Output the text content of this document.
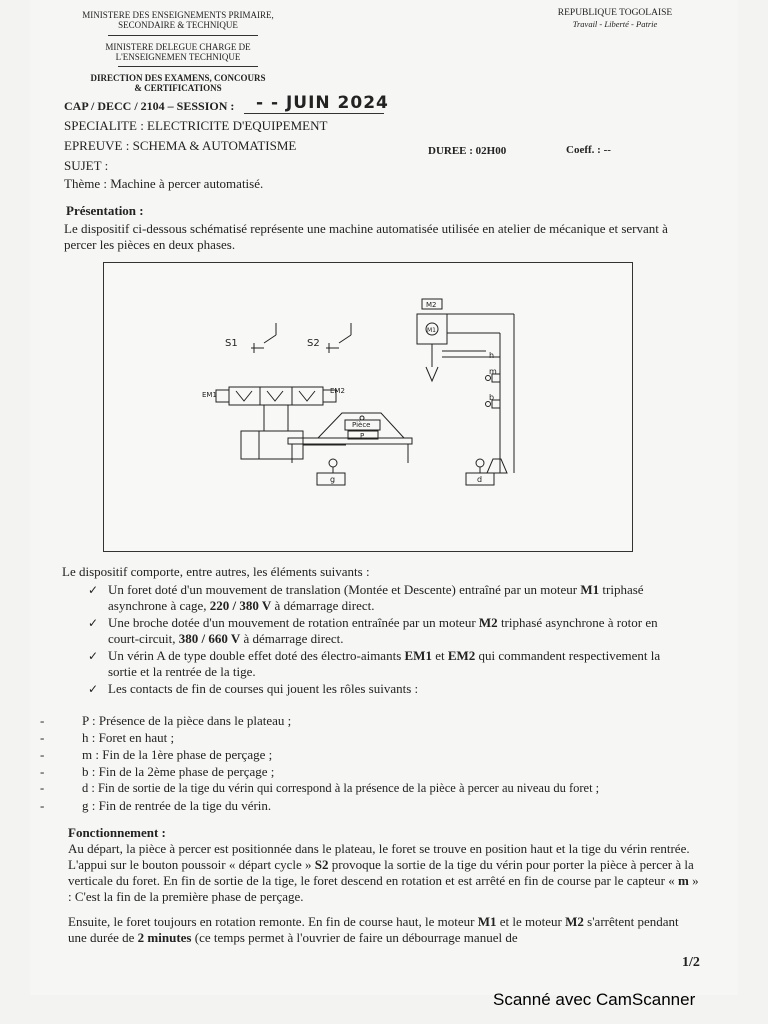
MINISTERE DES ENSEIGNEMENTS PRIMAIRE,
SECONDAIRE & TECHNIQUE
MINISTERE DELEGUE CHARGE DE
L'ENSEIGNEMEN TECHNIQUE
DIRECTION DES EXAMENS, CONCOURS
& CERTIFICATIONS
REPUBLIQUE TOGOLAISE
Travail - Liberté - Patrie
CAP / DECC / 2104 – SESSION : - - JUIN 2024
SPECIALITE : ELECTRICITE D'EQUIPEMENT
EPREUVE : SCHEMA & AUTOMATISME	DUREE : 02H00	Coeff. : --
SUJET :
Thème : Machine à percer automatisé.
Présentation :
Le dispositif ci-dessous schématisé représente une machine automatisée utilisée en atelier de mécanique et servant à percer les pièces en deux phases.
S1	S2
EM1	EM2
Pièce
P
M2
M1
h
m
b
g	d
Le dispositif comporte, entre autres, les éléments suivants :
✓ Un foret doté d'un mouvement de translation (Montée et Descente) entraîné par un moteur M1 triphasé asynchrone à cage, 220 / 380 V à démarrage direct.
✓ Une broche dotée d'un mouvement de rotation entraînée par un moteur M2 triphasé asynchrone à rotor en court-circuit, 380 / 660 V à démarrage direct.
✓ Un vérin A de type double effet doté des électro-aimants EM1 et EM2 qui commandent respectivement la sortie et la rentrée de la tige.
✓ Les contacts de fin de courses qui jouent les rôles suivants :
-	P : Présence de la pièce dans le plateau ;
-	h : Foret en haut ;
-	m : Fin de la 1ère phase de perçage ;
-	b : Fin de la 2ème phase de perçage ;
-	d : Fin de sortie de la tige du vérin qui correspond à la présence de la pièce à percer au niveau du foret ;
-	g : Fin de rentrée de la tige du vérin.
Fonctionnement :
Au départ, la pièce à percer est positionnée dans le plateau, le foret se trouve en position haut et la tige du vérin rentrée. L'appui sur le bouton poussoir « départ cycle » S2 provoque la sortie de la tige du vérin pour porter la pièce à percer à la verticale du foret. En fin de sortie de la tige, le foret descend en rotation et est arrêté en fin de course par le capteur « m » : C'est la fin de la première phase de perçage.
Ensuite, le foret toujours en rotation remonte. En fin de course haut, le moteur M1 et le moteur M2 s'arrêtent pendant une durée de 2 minutes (ce temps permet à l'ouvrier de faire un débourrage manuel de
1/2
Scanné avec CamScanner
